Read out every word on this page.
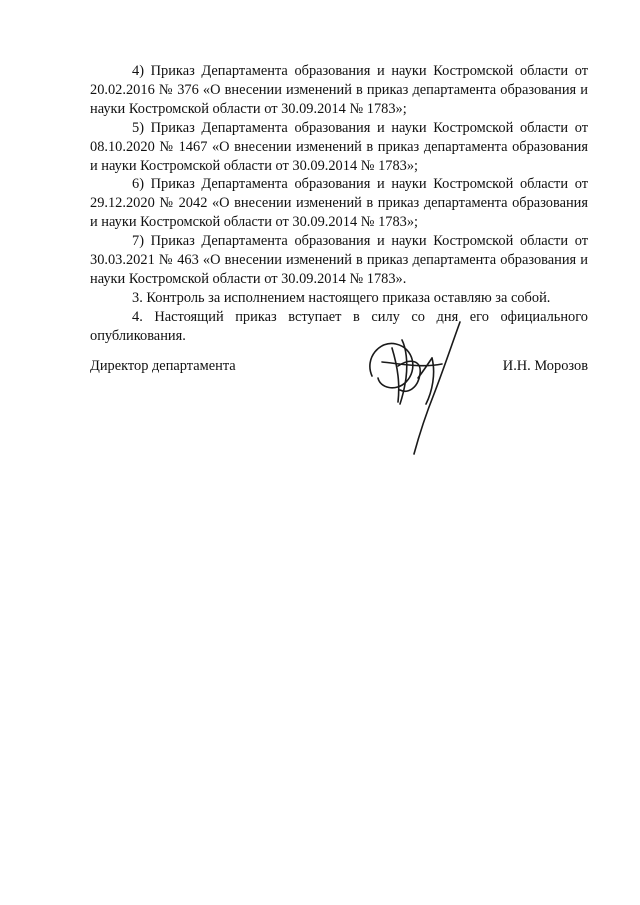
4) Приказ Департамента образования и науки Костромской области от 20.02.2016 № 376 «О внесении изменений в приказ департамента образования и науки Костромской области от 30.09.2014 № 1783»;

5) Приказ Департамента образования и науки Костромской области от 08.10.2020 № 1467 «О внесении изменений в приказ департамента образования и науки Костромской области от 30.09.2014 № 1783»;

6) Приказ Департамента образования и науки Костромской области от 29.12.2020 № 2042 «О внесении изменений в приказ департамента образования и науки Костромской области от 30.09.2014 № 1783»;

7) Приказ Департамента образования и науки Костромской области от 30.03.2021 № 463 «О внесении изменений в приказ департамента образования и науки Костромской области от 30.09.2014 № 1783».

3. Контроль за исполнением настоящего приказа оставляю за собой.

4. Настоящий приказ вступает в силу со дня его официального опубликования.

Директор департамента	И.Н. Морозов
